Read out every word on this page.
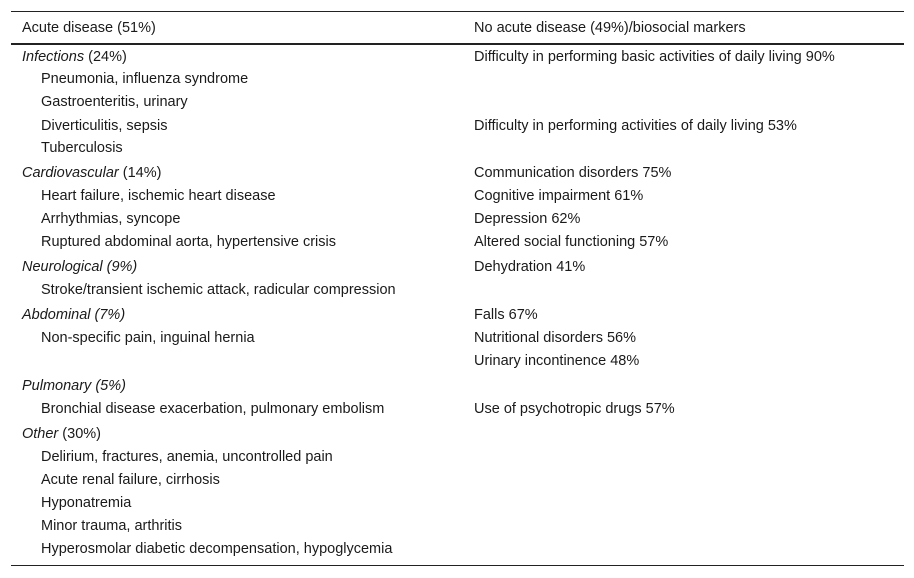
Acute disease (51%)	No acute disease (49%)/biosocial markers
Infections (24%)
Pneumonia, influenza syndrome
Gastroenteritis, urinary
Diverticulitis, sepsis
Tuberculosis
Cardiovascular (14%)
Heart failure, ischemic heart disease
Arrhythmias, syncope
Ruptured abdominal aorta, hypertensive crisis
Neurological (9%)
Stroke/transient ischemic attack, radicular compression
Abdominal (7%)
Non-specific pain, inguinal hernia
Pulmonary (5%)
Bronchial disease exacerbation, pulmonary embolism
Other (30%)
Delirium, fractures, anemia, uncontrolled pain
Acute renal failure, cirrhosis
Hyponatremia
Minor trauma, arthritis
Hyperosmolar diabetic decompensation, hypoglycemia
Difficulty in performing basic activities of daily living 90%
Difficulty in performing activities of daily living 53%
Communication disorders 75%
Cognitive impairment 61%
Depression 62%
Altered social functioning 57%
Dehydration 41%
Falls 67%
Nutritional disorders 56%
Urinary incontinence 48%
Use of psychotropic drugs 57%
